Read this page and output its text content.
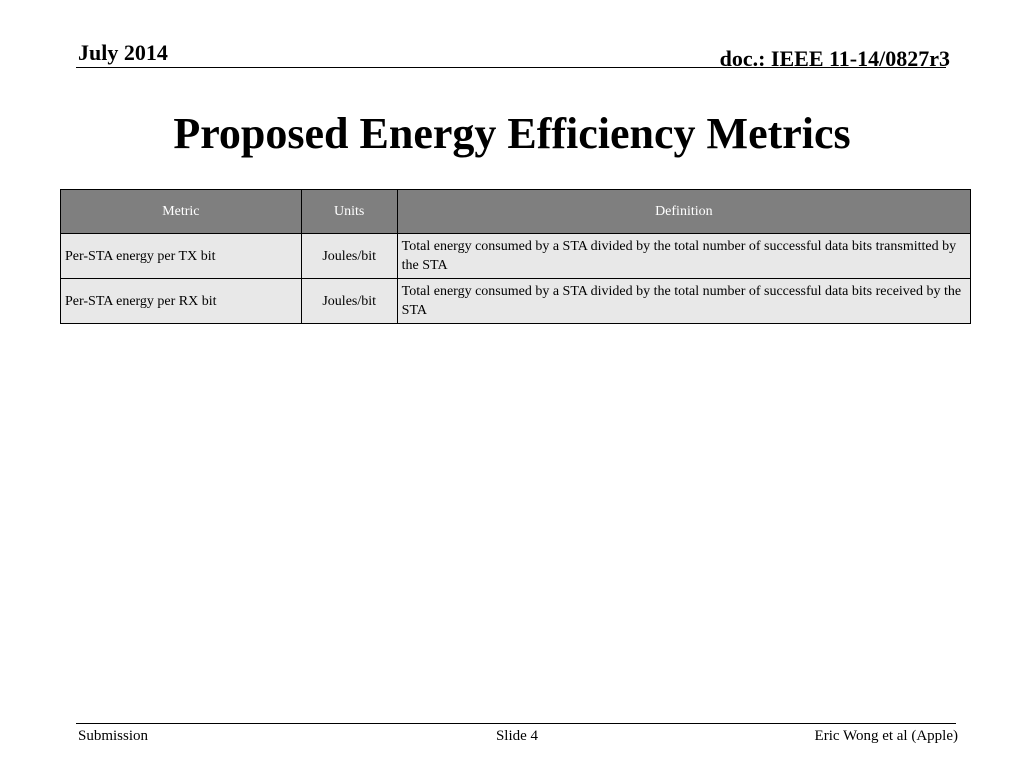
July 2014	doc.: IEEE 11-14/0827r3
Proposed Energy Efficiency Metrics
Metric	Units	Definition
Per-STA energy per TX bit	Joules/bit	Total energy consumed by a STA divided by the total number of successful data bits transmitted by the STA
Per-STA energy per RX bit	Joules/bit	Total energy consumed by a STA divided by the total number of successful data bits received by the STA
Submission	Slide 4	Eric Wong et al (Apple)
